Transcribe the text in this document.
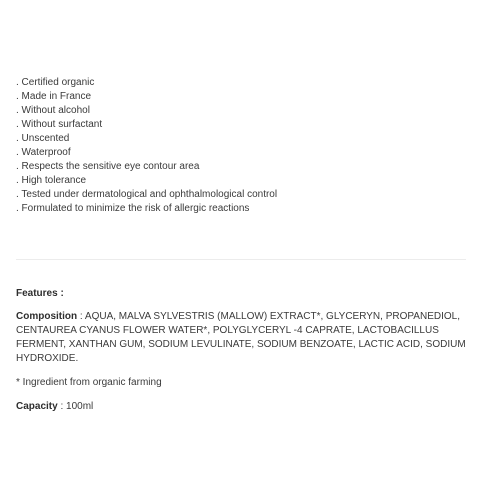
. Certified organic
. Made in France
. Without alcohol
. Without surfactant
. Unscented
. Waterproof
. Respects the sensitive eye contour area
. High tolerance
. Tested under dermatological and ophthalmological control
. Formulated to minimize the risk of allergic reactions

Features :

Composition : AQUA, MALVA SYLVESTRIS (MALLOW) EXTRACT*, GLYCERYN, PROPANEDIOL, CENTAUREA CYANUS FLOWER WATER*, POLYGLYCERYL -4 CAPRATE, LACTOBACILLUS FERMENT, XANTHAN GUM, SODIUM LEVULINATE, SODIUM BENZOATE, LACTIC ACID, SODIUM HYDROXIDE.

* Ingredient from organic farming

Capacity : 100ml
